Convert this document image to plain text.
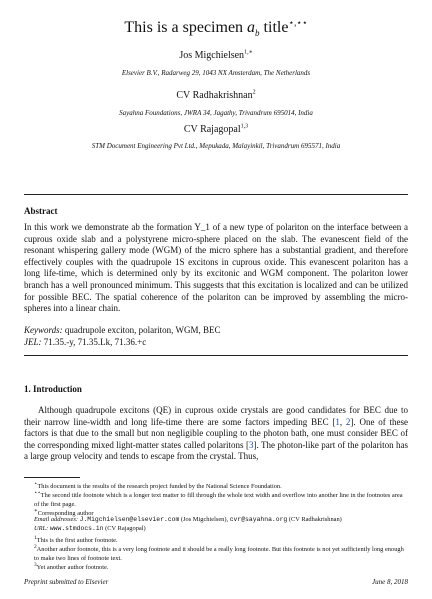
This is a specimen $a_b$ title⋆,⋆⋆
Jos Migchielsen$^{1,∗}$
Elsevier B.V., Radarweg 29, 1043 NX Amsterdam, The Netherlands
CV Radhakrishnan$^2$
Sayahna Foundations, JWRA 34, Jagathy, Trivandrum 695014, India
CV Rajagopal$^{1,3}$
STM Document Engineering Pvt Ltd., Mepukada, Malayinkil, Trivandrum 695571, India
Abstract
In this work we demonstrate ab the formation Y_1 of a new type of polariton on the interface between a cuprous oxide slab and a polystyrene micro-sphere placed on the slab. The evanescent field of the resonant whispering gallery mode (WGM) of the micro sphere has a substantial gradient, and therefore effectively couples with the quadrupole 1S excitons in cuprous oxide. This evanescent polariton has a long life-time, which is determined only by its excitonic and WGM component. The polariton lower branch has a well pronounced minimum. This suggests that this excitation is localized and can be utilized for possible BEC. The spatial coherence of the polariton can be improved by assembling the micro-spheres into a linear chain.
Keywords: quadrupole exciton, polariton, WGM, BEC
JEL: 71.35.-y, 71.35.Lk, 71.36.+c
1. Introduction
Although quadrupole excitons (QE) in cuprous oxide crystals are good candidates for BEC due to their narrow line-width and long life-time there are some factors impeding BEC [1, 2]. One of these factors is that due to the small but non negligible coupling to the photon bath, one must consider BEC of the corresponding mixed light-matter states called polaritons [3]. The photon-like part of the polariton has a large group velocity and tends to escape from the crystal. Thus,
⋆This document is the results of the research project funded by the National Science Foundation.
⋆⋆The second title footnote which is a longer text matter to fill through the whole text width and overflow into another line in the footnotes area of the first page.
∗Corresponding author
Email addresses: J.Migchielsen@elsevier.com (Jos Migchielsen), cvr@sayahna.org (CV Radhakrishnan)
URL: www.stmdocs.in (CV Rajagopal)
$^1$This is the first author footnote.
$^2$Another author footnote, this is a very long footnote and it should be a really long footnote. But this footnote is not yet sufficiently long enough to make two lines of footnote text.
$^3$Yet another author footnote.
Preprint submitted to Elsevier	June 8, 2018
